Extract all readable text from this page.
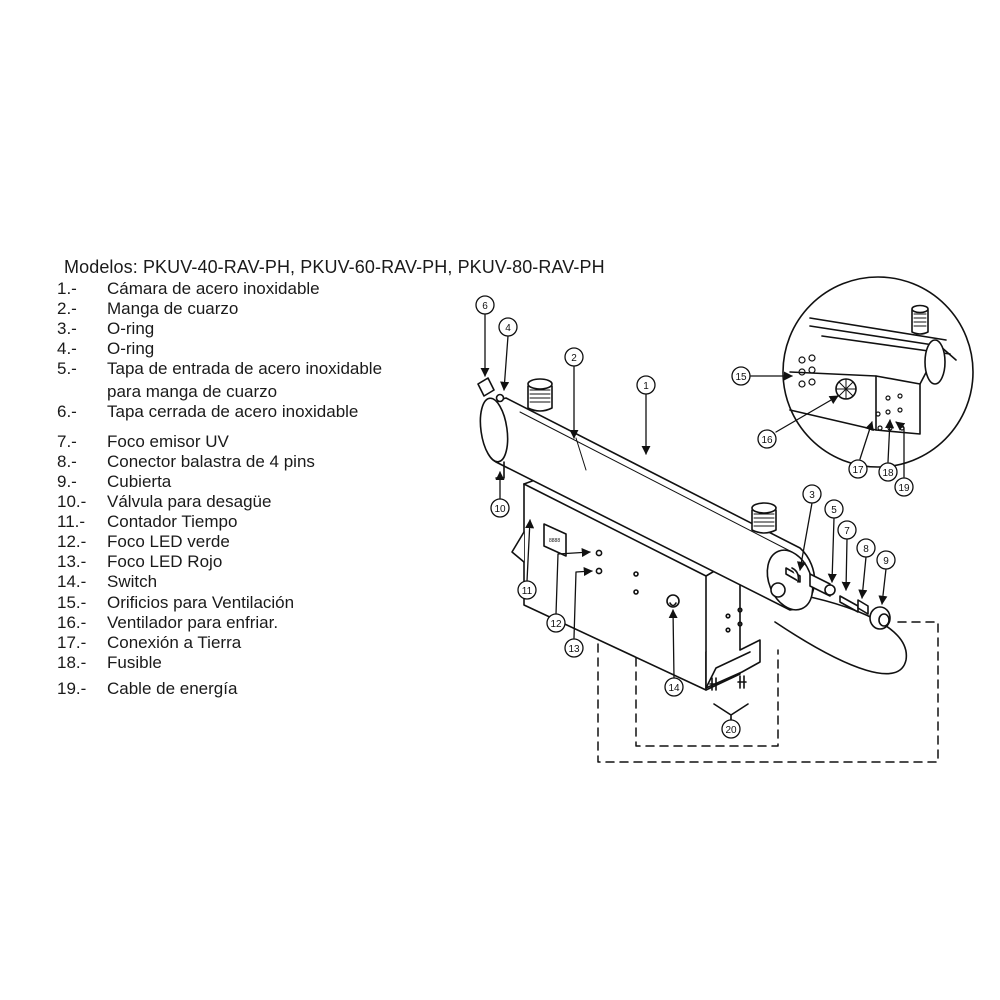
Modelos: PKUV-40-RAV-PH, PKUV-60-RAV-PH, PKUV-80-RAV-PH
1.- Cámara de acero inoxidable
2.- Manga de cuarzo
3.- O-ring
4.- O-ring
5.- Tapa de entrada de acero inoxidable
para manga de cuarzo
6.- Tapa cerrada de acero inoxidable
7.- Foco emisor UV
8.- Conector balastra de 4 pins
9.- Cubierta
10.- Válvula para desagüe
11.- Contador Tiempo
12.- Foco LED verde
13.- Foco LED Rojo
14.- Switch
15.- Orificios para Ventilación
16.- Ventilador para enfriar.
17.- Conexión a Tierra
18.- Fusible
19.- Cable de energía
8888
1
2
3
4
5
6
7
8
9
10
11
12
13
14
15
16
17 18
19
20
